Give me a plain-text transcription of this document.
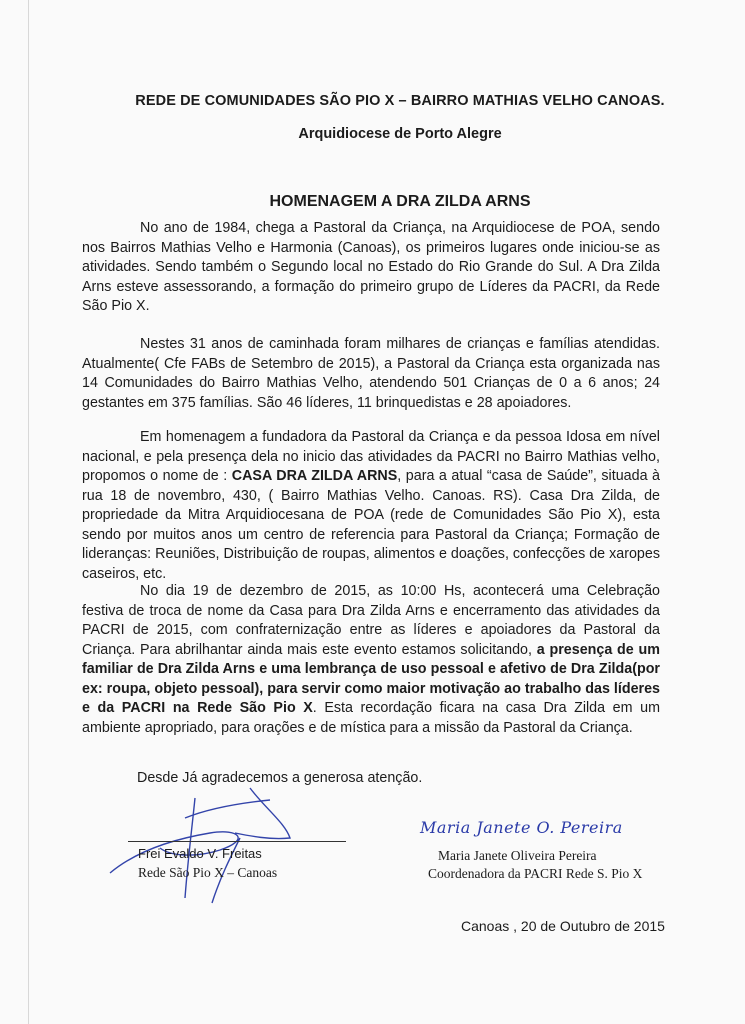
REDE DE COMUNIDADES SÃO PIO X – BAIRRO MATHIAS VELHO CANOAS.
Arquidiocese de Porto Alegre
HOMENAGEM A DRA ZILDA ARNS

No ano de 1984, chega a Pastoral da Criança, na Arquidiocese de POA, sendo nos Bairros Mathias Velho e Harmonia (Canoas), os primeiros lugares onde iniciou-se as atividades. Sendo também o Segundo local no Estado do Rio Grande do Sul. A Dra Zilda Arns esteve assessorando, a formação do primeiro grupo de Líderes da PACRI, da Rede São Pio X.

Nestes 31 anos de caminhada foram milhares de crianças e famílias atendidas. Atualmente( Cfe FABs de Setembro de 2015), a Pastoral da Criança esta organizada nas 14 Comunidades do Bairro Mathias Velho, atendendo 501 Crianças de 0 a 6 anos; 24 gestantes em 375 famílias. São 46 líderes, 11 brinquedistas e 28 apoiadores.

Em homenagem a fundadora da Pastoral da Criança e da pessoa Idosa em nível nacional, e pela presença dela no inicio das atividades da PACRI no Bairro Mathias velho, propomos o nome de : CASA DRA ZILDA ARNS, para a atual “casa de Saúde”, situada à rua 18 de novembro, 430, ( Bairro Mathias Velho. Canoas. RS). Casa Dra Zilda, de propriedade da Mitra Arquidiocesana de POA (rede de Comunidades São Pio X), esta sendo por muitos anos um centro de referencia para Pastoral da Criança; Formação de lideranças: Reuniões, Distribuição de roupas, alimentos e doações, confecções de xaropes caseiros, etc.

No dia 19 de dezembro de 2015, as 10:00 Hs, acontecerá uma Celebração festiva de troca de nome da Casa para Dra Zilda Arns e encerramento das atividades da PACRI de 2015, com confraternização entre as líderes e apoiadores da Pastoral da Criança. Para abrilhantar ainda mais este evento estamos solicitando, a presença de um familiar de Dra Zilda Arns e uma lembrança de uso pessoal e afetivo de Dra Zilda(por ex: roupa, objeto pessoal), para servir como maior motivação ao trabalho das líderes e da PACRI na Rede São Pio X. Esta recordação ficara na casa Dra Zilda em um ambiente apropriado, para orações e de mística para a missão da Pastoral da Criança.

Desde Já agradecemos a generosa atenção.
Frei Evaldo V. Freitas
Rede São Pio X – Canoas
Maria Janete O. Pereira
Maria Janete Oliveira Pereira
Coordenadora da PACRI Rede S. Pio X
Canoas , 20 de Outubro de 2015
